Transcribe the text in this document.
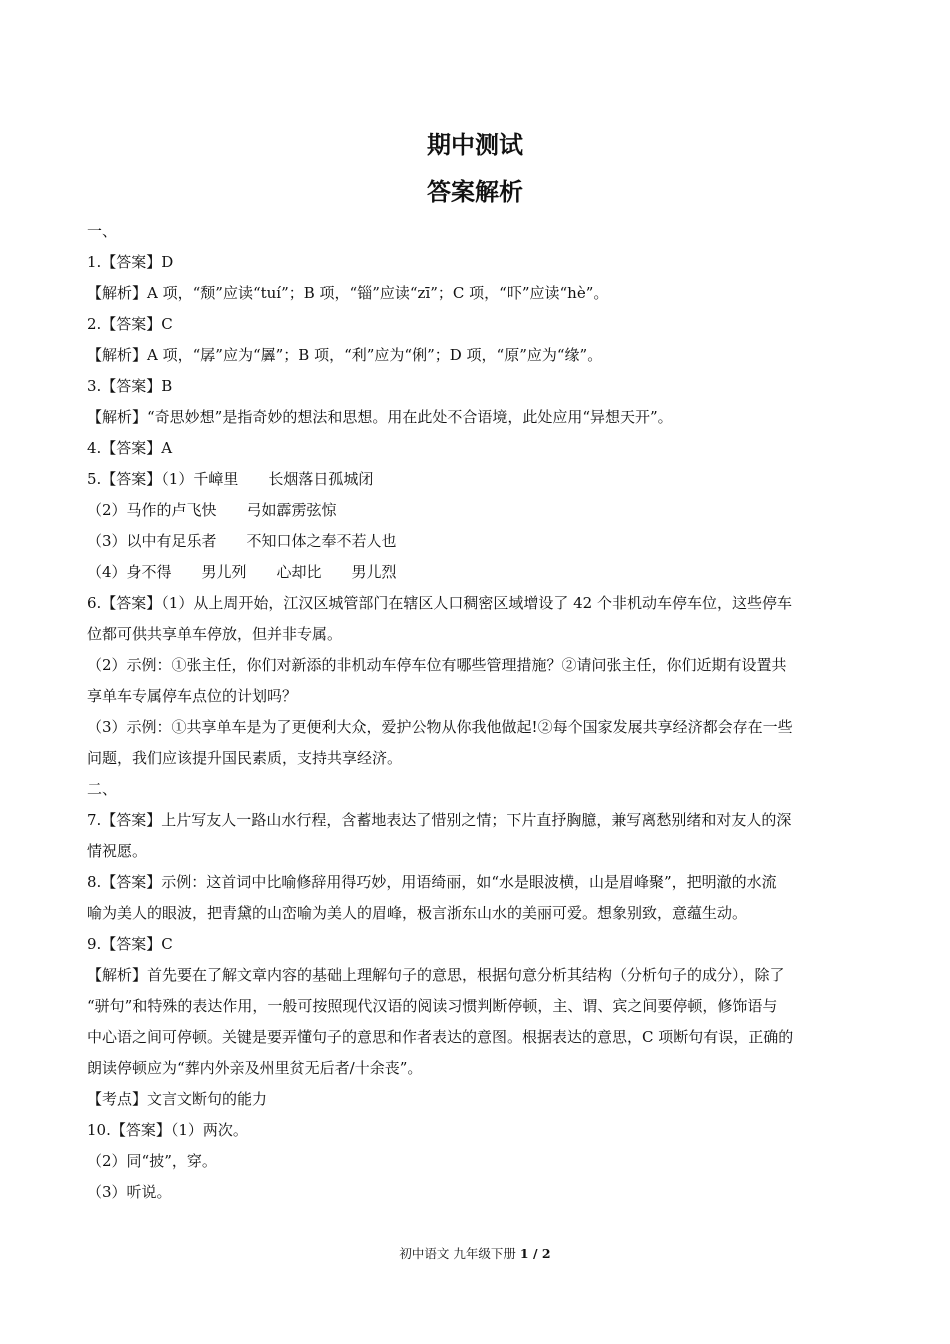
期中测试
答案解析
一、
1.【答案】D
【解析】A 项，“颓”应读“tuí”；B 项，“锱”应读“zī”；C 项，“吓”应读“hè”。
2.【答案】C
【解析】A 项，“孱”应为“羼”；B 项，“利”应为“俐”；D 项，“原”应为“缘”。
3.【答案】B
【解析】“奇思妙想”是指奇妙的想法和思想。用在此处不合语境，此处应用“异想天开”。
4.【答案】A
5.【答案】（1）千嶂里　　长烟落日孤城闭
（2）马作的卢飞快　　弓如霹雳弦惊
（3）以中有足乐者　　不知口体之奉不若人也
（4）身不得　　男儿列　　心却比　　男儿烈
6.【答案】（1）从上周开始，江汉区城管部门在辖区人口稠密区域增设了 42 个非机动车停车位，这些停车
位都可供共享单车停放，但并非专属。
（2）示例：①张主任，你们对新添的非机动车停车位有哪些管理措施？②请问张主任，你们近期有设置共
享单车专属停车点位的计划吗？
（3）示例：①共享单车是为了更便利大众，爱护公物从你我他做起!②每个国家发展共享经济都会存在一些
问题，我们应该提升国民素质，支持共享经济。
二、
7.【答案】上片写友人一路山水行程，含蓄地表达了惜别之情；下片直抒胸臆，兼写离愁别绪和对友人的深
情祝愿。
8.【答案】示例：这首词中比喻修辞用得巧妙，用语绮丽，如“水是眼波横，山是眉峰聚”，把明澈的水流
喻为美人的眼波，把青黛的山峦喻为美人的眉峰，极言浙东山水的美丽可爱。想象别致，意蕴生动。
9.【答案】C
【解析】首先要在了解文章内容的基础上理解句子的意思，根据句意分析其结构（分析句子的成分），除了
“骈句”和特殊的表达作用，一般可按照现代汉语的阅读习惯判断停顿，主、谓、宾之间要停顿，修饰语与
中心语之间可停顿。关键是要弄懂句子的意思和作者表达的意图。根据表达的意思，C 项断句有误，正确的
朗读停顿应为“葬内外亲及州里贫无后者/十余丧”。
【考点】文言文断句的能力
10.【答案】（1）两次。
（2）同“披”，穿。
（3）听说。
初中语文 九年级下册 1 / 2
